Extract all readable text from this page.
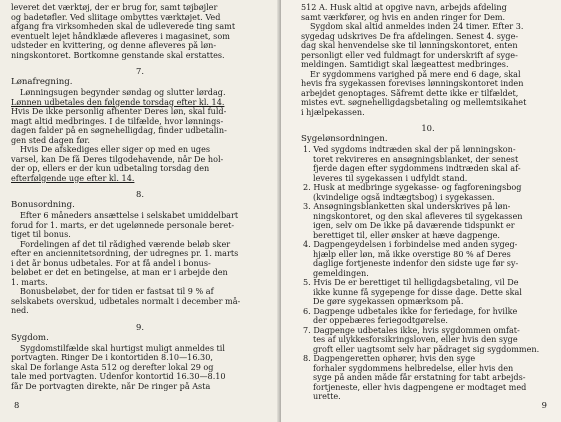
leveret det værktøj, der er brug for, samt tøjbøjler
og badetøfler. Ved sliitage ombyttes værktøjet. Ved
afgang fra virksomheden skal de udleverede ting samt
eventuelt lejet håndklæde afleveres i magasinet, som
udsteder en kvittering, og denne afleveres på løn-
ningskontoret. Bortkomne genstande skal erstattes.
7.
Lønafregning.
Lønningsugen begynder søndag og slutter lørdag.
Lønnen udbetales den følgende torsdag efter kl. 14.
Hvis De ikke personlig afhenter Deres løn, skal fuld-
magt altid medbringes. I de tilfælde, hvor lønnings-
dagen falder på en søgnehelligdag, finder udbetalin-
gen sted dagen før.
Hvis De afskediges eller siger op med en uges
varsel, kan De få Deres tilgodehavende, når De hol-
der op, ellers er der kun udbetaling torsdag den
efterfølgende uge efter kl. 14.
8.
Bonusordning.
Efter 6 måneders ansættelse i selskabet umiddelbart
forud for 1. marts, er det ugelønnede personale beret-
tiget til bonus.
Fordelingen af det til rådighed værende beløb sker
efter en anciennitetsordning, der udregnes pr. 1. marts
i det år bonus udbetales. For at få andel i bonus-
beløbet er det en betingelse, at man er i arbejde den
1. marts.
Bonusbeløbet, der for tiden er fastsat til 9 % af
selskabets overskud, udbetales normalt i december må-
ned.
9.
Sygdom.
Sygdomstilfælde skal hurtigst muligt anmeldes til
portvagten. Ringer De i kontortiden 8.10—16.30,
skal De forlange Asta 512 og derefter lokal 29 og
tale med portvagten. Udenfor kontortid 16.30—8.10
får De portvagten direkte, når De ringer på Asta
8
512 A. Husk altid at opgive navn, arbejds afdeling
samt værkfører, og hvis en anden ringer for Dem.
Sygdom skal altid anmeldes inden 24 timer. Efter 3.
sygedag udskrives De fra afdelingen. Senest 4. syge-
dag skal henvendelse ske til lønningskontoret, enten
personligt eller ved fuldmagt for underskrift af syge-
meldingen. Samtidigt skal lægeattest medbringes.
Er sygdommens varighed på mere end 6 dage, skal
hevis fra sygekassen forevises lønningskontoret inden
arbejdet genoptages. Såfremt dette ikke er tilfældet,
mistes evt. søgnehelligdagsbetaling og mellemtsikahet
i hjælpekassen.
10.
Sygelønsordningen.
1. Ved sygdoms indtræden skal der på lønningskon-
toret rekvireres en ansøgningsblanket, der senest
fjerde dagen efter sygdommens indtræden skal af-
leveres til sygekassen i udfyldt stand.
2. Husk at medbringe sygekasse- og fagforeningsbog
(kvindelige også indtægtsbog) i sygekassen.
3. Ansøgningsblanketten skal underskrives på løn-
ningskontoret, og den skal afleveres til sygekassen
igen, selv om De ikke på daværende tidspunkt er
berettiget til, eller ønsker at hæve dagpenge.
4. Dagpengeydelsen i forbindelse med anden sygeg-
hjælp eller løn, må ikke overstige 80 % af Deres
daglige fortjeneste indenfor den sidste uge før sy-
gemeldingen.
5. Hvis De er berettiget til helligdagsbetaling, vil De
ikke kunne få sygepenge for disse dage. Dette skal
De gøre sygekassen opmærksom på.
6. Dagpenge udbetales ikke for feriedage, for hvilke
der oppebæres feriegodtgørelse.
7. Dagpenge udbetales ikke, hvis sygdommen omfat-
tes af ulykkesforsikringsloven, eller hvis den syge
groft eller uagtsomt selv har pådraget sig sygdommen.
8. Dagpengeretten ophører, hvis den syge
forhaler sygdommens helbredelse, eller hvis den
syge på anden måde får erstatning for tabt arbejds-
fortjeneste, eller hvis dagpengene er modtaget med
urette.
9
